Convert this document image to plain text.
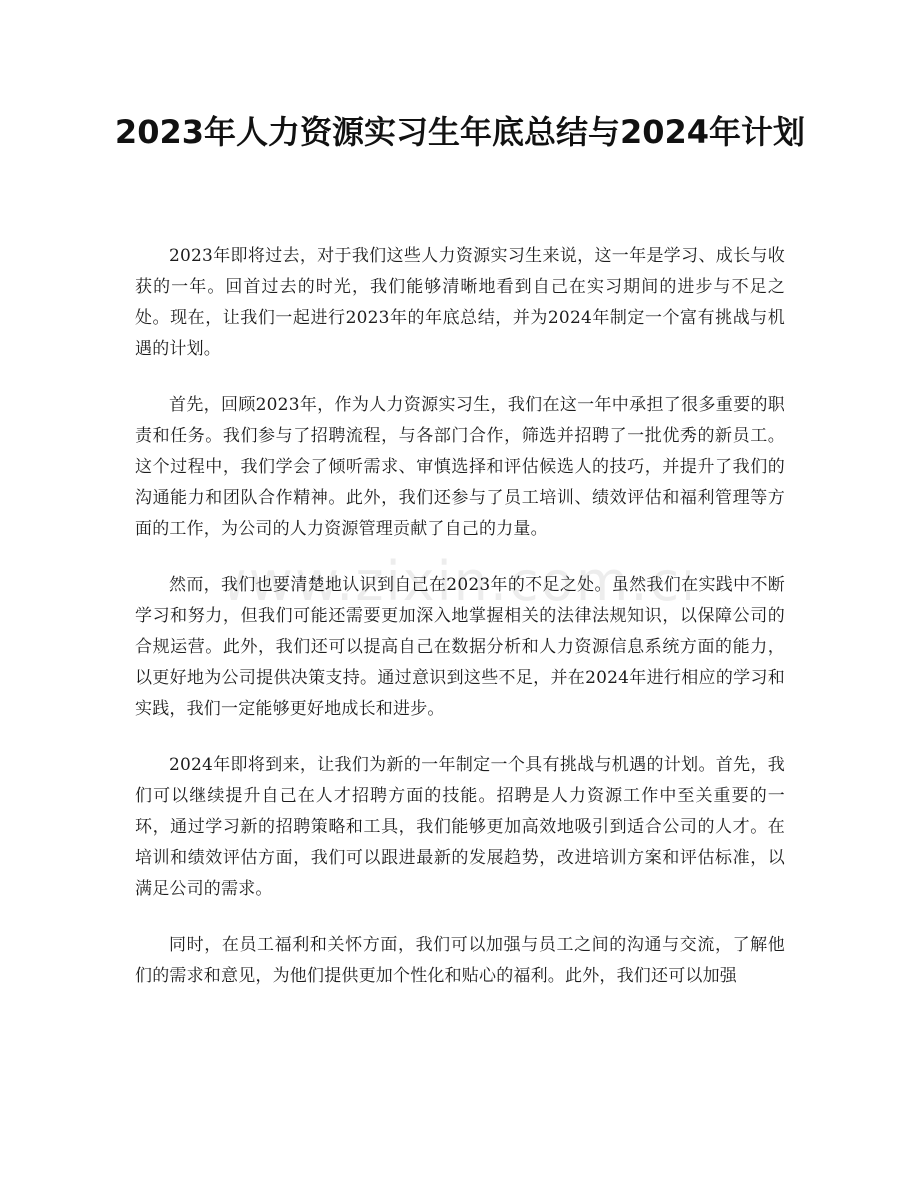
2023年人力资源实习生年底总结与2024年计划

2023年即将过去，对于我们这些人力资源实习生来说，这一年是学习、成长与收获的一年。回首过去的时光，我们能够清晰地看到自己在实习期间的进步与不足之处。现在，让我们一起进行2023年的年底总结，并为2024年制定一个富有挑战与机遇的计划。

首先，回顾2023年，作为人力资源实习生，我们在这一年中承担了很多重要的职责和任务。我们参与了招聘流程，与各部门合作，筛选并招聘了一批优秀的新员工。这个过程中，我们学会了倾听需求、审慎选择和评估候选人的技巧，并提升了我们的沟通能力和团队合作精神。此外，我们还参与了员工培训、绩效评估和福利管理等方面的工作，为公司的人力资源管理贡献了自己的力量。

然而，我们也要清楚地认识到自己在2023年的不足之处。虽然我们在实践中不断学习和努力，但我们可能还需要更加深入地掌握相关的法律法规知识，以保障公司的合规运营。此外，我们还可以提高自己在数据分析和人力资源信息系统方面的能力，以更好地为公司提供决策支持。通过意识到这些不足，并在2024年进行相应的学习和实践，我们一定能够更好地成长和进步。

2024年即将到来，让我们为新的一年制定一个具有挑战与机遇的计划。首先，我们可以继续提升自己在人才招聘方面的技能。招聘是人力资源工作中至关重要的一环，通过学习新的招聘策略和工具，我们能够更加高效地吸引到适合公司的人才。在培训和绩效评估方面，我们可以跟进最新的发展趋势，改进培训方案和评估标准，以满足公司的需求。

同时，在员工福利和关怀方面，我们可以加强与员工之间的沟通与交流，了解他们的需求和意见，为他们提供更加个性化和贴心的福利。此外，我们还可以加强

ww.zixin.com.c
